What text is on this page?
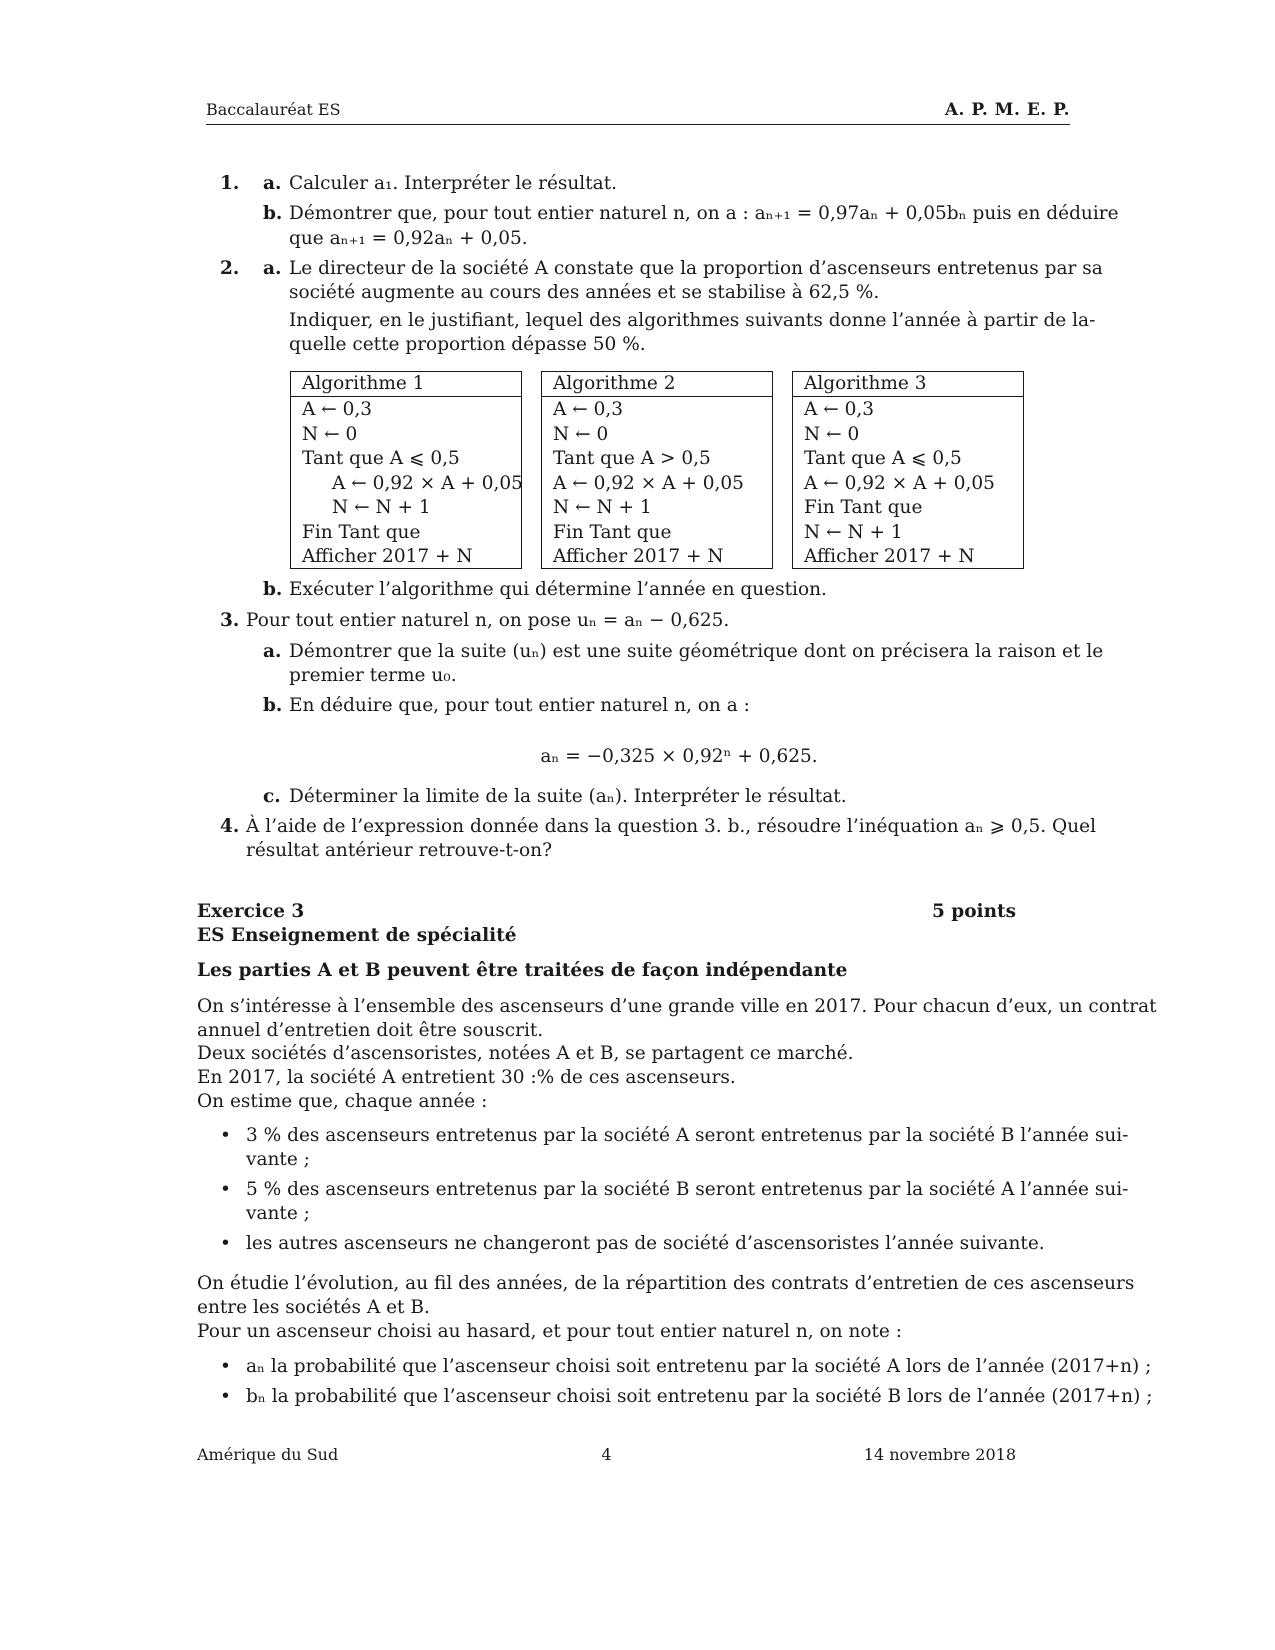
Baccalauréat ES	A. P. M. E. P.
1. a. Calculer a₁. Interpréter le résultat.
b. Démontrer que, pour tout entier naturel n, on a : aₙ₊₁ = 0,97aₙ + 0,05bₙ puis en déduire
que aₙ₊₁ = 0,92aₙ + 0,05.
2. a. Le directeur de la société A constate que la proportion d’ascenseurs entretenus par sa
société augmente au cours des années et se stabilise à 62,5 %.
Indiquer, en le justifiant, lequel des algorithmes suivants donne l’année à partir de la-
quelle cette proportion dépasse 50 %.
Algorithme 1
A ← 0,3
N ← 0
Tant que A ⩽ 0,5
A ← 0,92 × A + 0,05
N ← N + 1
Fin Tant que
Afficher 2017 + N
Algorithme 2
A ← 0,3
N ← 0
Tant que A > 0,5
A ← 0,92 × A + 0,05
N ← N + 1
Fin Tant que
Afficher 2017 + N
Algorithme 3
A ← 0,3
N ← 0
Tant que A ⩽ 0,5
A ← 0,92 × A + 0,05
Fin Tant que
N ← N + 1
Afficher 2017 + N
b. Exécuter l’algorithme qui détermine l’année en question.
3. Pour tout entier naturel n, on pose uₙ = aₙ − 0,625.
a. Démontrer que la suite (uₙ) est une suite géométrique dont on précisera la raison et le
premier terme u₀.
b. En déduire que, pour tout entier naturel n, on a :
aₙ = −0,325 × 0,92ⁿ + 0,625.
c. Déterminer la limite de la suite (aₙ). Interpréter le résultat.
4. À l’aide de l’expression donnée dans la question 3. b., résoudre l’inéquation aₙ ⩾ 0,5. Quel
résultat antérieur retrouve-t-on?
Exercice 3	5 points
ES Enseignement de spécialité
Les parties A et B peuvent être traitées de façon indépendante
On s’intéresse à l’ensemble des ascenseurs d’une grande ville en 2017. Pour chacun d’eux, un contrat
annuel d’entretien doit être souscrit.
Deux sociétés d’ascensoristes, notées A et B, se partagent ce marché.
En 2017, la société A entretient 30 :% de ces ascenseurs.
On estime que, chaque année :
• 3 % des ascenseurs entretenus par la société A seront entretenus par la société B l’année sui-
vante ;
• 5 % des ascenseurs entretenus par la société B seront entretenus par la société A l’année sui-
vante ;
• les autres ascenseurs ne changeront pas de société d’ascensoristes l’année suivante.
On étudie l’évolution, au fil des années, de la répartition des contrats d’entretien de ces ascenseurs
entre les sociétés A et B.
Pour un ascenseur choisi au hasard, et pour tout entier naturel n, on note :
• aₙ la probabilité que l’ascenseur choisi soit entretenu par la société A lors de l’année (2017+n) ;
• bₙ la probabilité que l’ascenseur choisi soit entretenu par la société B lors de l’année (2017+n) ;
Amérique du Sud	4	14 novembre 2018
